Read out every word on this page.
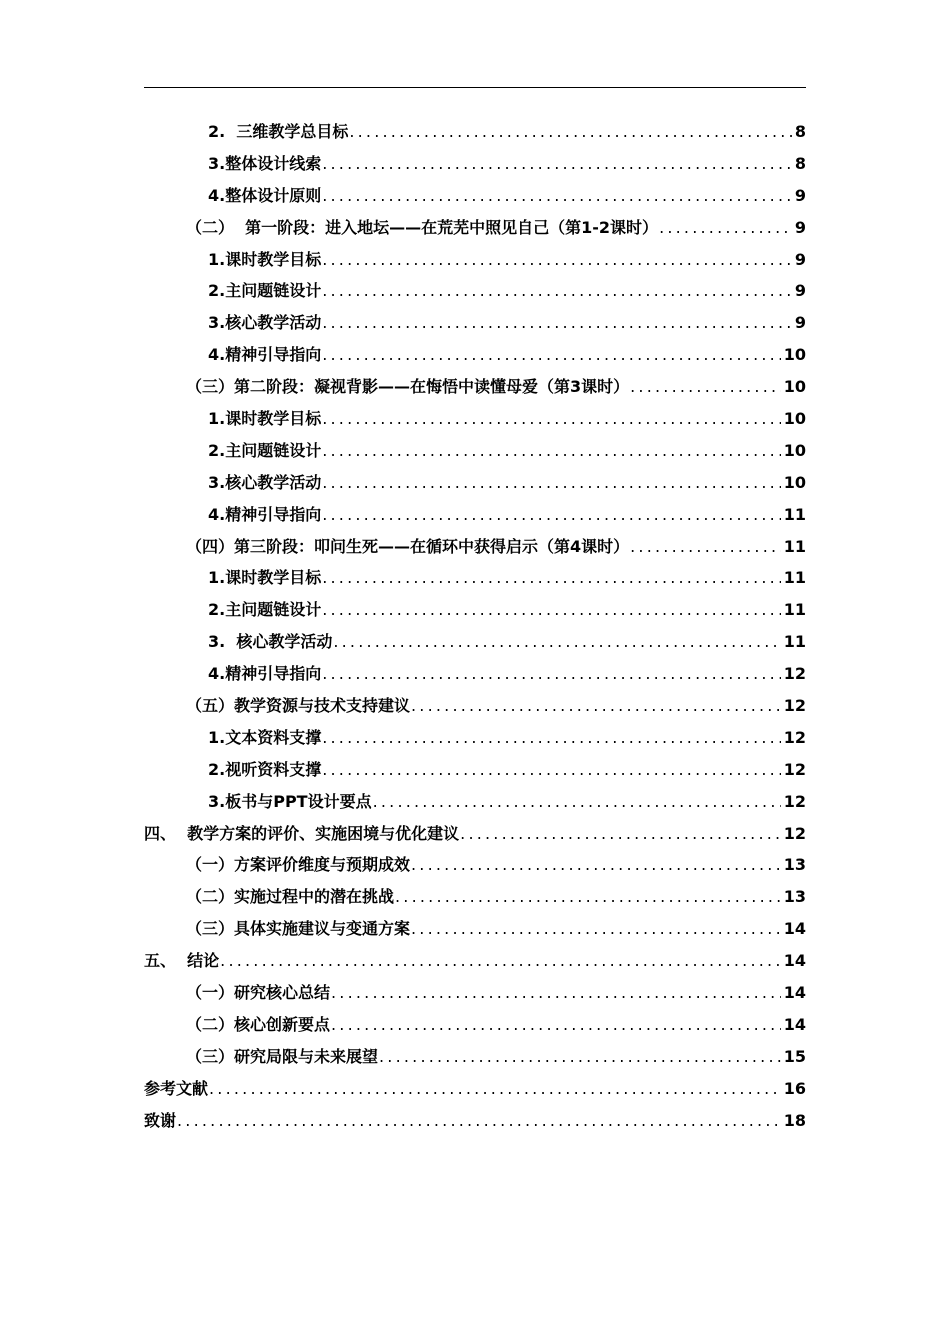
2.  三维教学总目标 .....	8
3.整体设计线索 .....	8
4.整体设计原则 .....	9
（二）  第一阶段：进入地坛——在荒芜中照见自己（第1-2课时） .....	9
1.课时教学目标 .....	9
2.主问题链设计 .....	9
3.核心教学活动 .....	9
4.精神引导指向 .....	10
（三）第二阶段：凝视背影——在悔悟中读懂母爱（第3课时） .....	10
1.课时教学目标 .....	10
2.主问题链设计 .....	10
3.核心教学活动 .....	10
4.精神引导指向 .....	11
（四）第三阶段：叩问生死——在循环中获得启示（第4课时） .....	11
1.课时教学目标 .....	11
2.主问题链设计 .....	11
3.  核心教学活动 .....	11
4.精神引导指向 .....	12
（五）教学资源与技术支持建议 .....	12
1.文本资料支撑 .....	12
2.视听资料支撑 .....	12
3.板书与PPT设计要点 .....	12
四、  教学方案的评价、实施困境与优化建议 .....	12
（一）方案评价维度与预期成效 .....	13
（二）实施过程中的潜在挑战 .....	13
（三）具体实施建议与变通方案 .....	14
五、  结论 .....	14
（一）研究核心总结 .....	14
（二）核心创新要点 .....	14
（三）研究局限与未来展望 .....	15
参考文献 .....	16
致谢 .....	18
